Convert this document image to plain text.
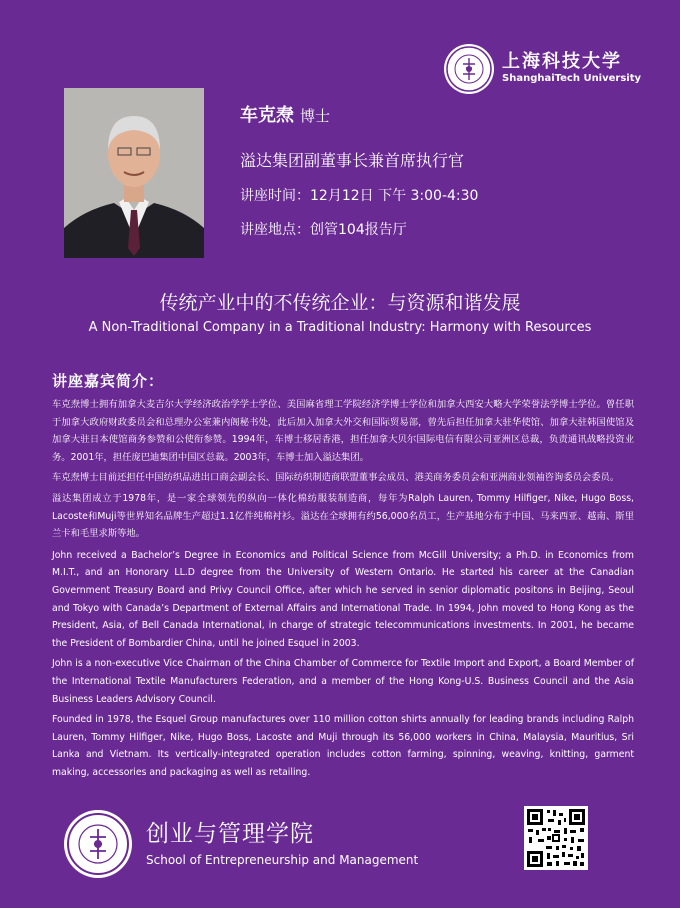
上海科技大学
ShanghaiTech University
车克焘 博士
溢达集团副董事长兼首席执行官
讲座时间：12月12日 下午 3:00-4:30
讲座地点：创管104报告厅
传统产业中的不传统企业：与资源和谐发展
A Non-Traditional Company in a Traditional Industry: Harmony with Resources
讲座嘉宾简介：

车克焘博士拥有加拿大麦吉尔大学经济政治学学士学位、美国麻省理工学院经济学博士学位和加拿大西安大略大学荣誉法学博士学位。曾任职于加拿大政府财政委员会和总理办公室兼内阁秘书处，此后加入加拿大外交和国际贸易部，曾先后担任加拿大驻华使馆、加拿大驻韩国使馆及加拿大驻日本使馆商务参赞和公使衔参赞。1994年，车博士移居香港，担任加拿大贝尔国际电信有限公司亚洲区总裁，负责通讯战略投资业务。2001年，担任庞巴迪集团中国区总裁。2003年，车博士加入溢达集团。

车克焘博士目前还担任中国纺织品进出口商会副会长、国际纺织制造商联盟董事会成员、港美商务委员会和亚洲商业领袖咨询委员会委员。

溢达集团成立于1978年，是一家全球领先的纵向一体化棉纺服装制造商，每年为Ralph Lauren, Tommy Hilfiger, Nike, Hugo Boss, Lacoste和Muji等世界知名品牌生产超过1.1亿件纯棉衬衫。溢达在全球拥有约56,000名员工，生产基地分布于中国、马来西亚、越南、斯里兰卡和毛里求斯等地。

John received a Bachelor’s Degree in Economics and Political Science from McGill University; a Ph.D. in Economics from M.I.T., and an Honorary LL.D degree from the University of Western Ontario. He started his career at the Canadian Government Treasury Board and Privy Council Office, after which he served in senior diplomatic positons in Beijing, Seoul and Tokyo with Canada’s Department of External Affairs and International Trade. In 1994, John moved to Hong Kong as the President, Asia, of Bell Canada International, in charge of strategic telecommunications investments. In 2001, he became the President of Bombardier China, until he joined Esquel in 2003.

John is a non-executive Vice Chairman of the China Chamber of Commerce for Textile Import and Export, a Board Member of the International Textile Manufacturers Federation, and a member of the Hong Kong-U.S. Business Council and the Asia Business Leaders Advisory Council.

Founded in 1978, the Esquel Group manufactures over 110 million cotton shirts annually for leading brands including Ralph Lauren, Tommy Hilfiger, Nike, Hugo Boss, Lacoste and Muji through its 56,000 workers in China, Malaysia, Mauritius, Sri Lanka and Vietnam. Its vertically-integrated operation includes cotton farming, spinning, weaving, knitting, garment making, accessories and packaging as well as retailing.

创业与管理学院
School of Entrepreneurship and Management
